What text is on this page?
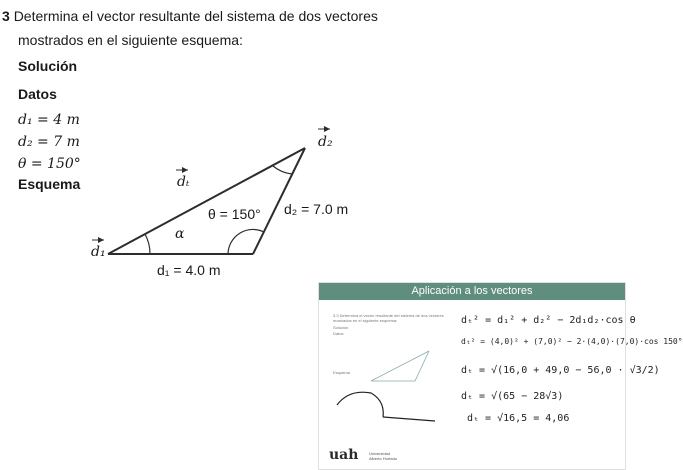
3 Determina el vector resultante del sistema de dos vectores
mostrados en el siguiente esquema:
Solución
Datos
d₁ = 4 m
d₂ = 7 m
θ = 150°
Esquema
d₂
dₜ
d₁
α
θ = 150° d₂ = 7.0 m
d₁ = 4.0 m
Aplicación a los vectores
3.3 Determina el vector resultante del sistema de dos vectores mostrados en el siguiente esquema:
Solución
Datos
Esquema
dₜ² = d₁² + d₂² − 2d₁d₂·cos θ
dₜ² = (4,0)² + (7,0)² − 2·(4,0)·(7,0)·cos 150°
dₜ = √(16,0 + 49,0 − 56,0 · √3/2)
dₜ = √(65 − 28√3)
dₜ = √16,5 = 4,06
uah	Universidad Alberto Hurtado
